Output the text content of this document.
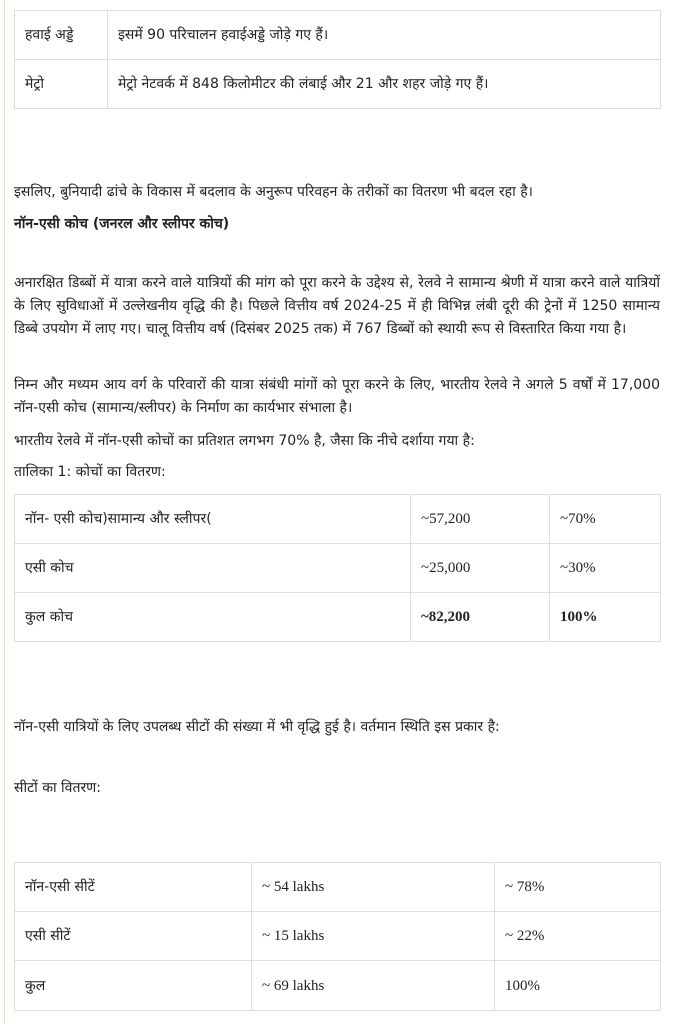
हवाई अड्डे	इसमें 90 परिचालन हवाईअड्डे जोड़े गए हैं।
मेट्रो	मेट्रो नेटवर्क में 848 किलोमीटर की लंबाई और 21 और शहर जोड़े गए हैं।

इसलिए, बुनियादी ढांचे के विकास में बदलाव के अनुरूप परिवहन के तरीकों का वितरण भी बदल रहा है।

नॉन-एसी कोच (जनरल और स्लीपर कोच)

अनारक्षित डिब्बों में यात्रा करने वाले यात्रियों की मांग को पूरा करने के उद्देश्य से, रेलवे ने सामान्य श्रेणी में यात्रा करने वाले यात्रियों के लिए सुविधाओं में उल्लेखनीय वृद्धि की है। पिछले वित्तीय वर्ष 2024-25 में ही विभिन्न लंबी दूरी की ट्रेनों में 1250 सामान्य डिब्बे उपयोग में लाए गए। चालू वित्तीय वर्ष (दिसंबर 2025 तक) में 767 डिब्बों को स्थायी रूप से विस्तारित किया गया है।

निम्न और मध्यम आय वर्ग के परिवारों की यात्रा संबंधी मांगों को पूरा करने के लिए, भारतीय रेलवे ने अगले 5 वर्षों में 17,000 नॉन-एसी कोच (सामान्य/स्लीपर) के निर्माण का कार्यभार संभाला है।

भारतीय रेलवे में नॉन-एसी कोचों का प्रतिशत लगभग 70% है, जैसा कि नीचे दर्शाया गया है:

तालिका 1: कोचों का वितरण:

नॉन- एसी कोच)सामान्य और स्लीपर(	~57,200	~70%
एसी कोच	~25,000	~30%
कुल कोच	~82,200	100%

नॉन-एसी यात्रियों के लिए उपलब्ध सीटों की संख्या में भी वृद्धि हुई है। वर्तमान स्थिति इस प्रकार है:

सीटों का वितरण:

नॉन-एसी सीटें	~ 54 lakhs	~ 78%
एसी सीटें	~ 15 lakhs	~ 22%
कुल	~ 69 lakhs	100%
